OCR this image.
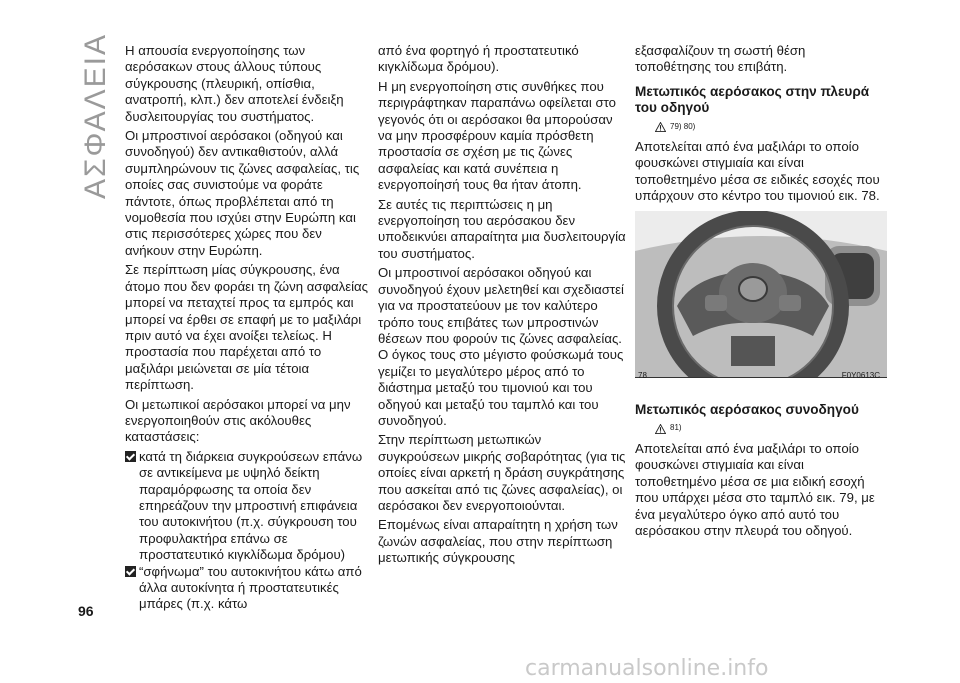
ΑΣΦΑΛΕΙΑ Η απουσία ενεργοποίησης των αερόσακων στους άλλους τύπους σύγκρουσης (πλευρική, οπίσθια, ανατροπή, κλπ.) δεν αποτελεί ένδειξη δυσλειτουργίας του συστήματος.

Οι μπροστινοί αερόσακοι (οδηγού και συνοδηγού) δεν αντικαθιστούν, αλλά συμπληρώνουν τις ζώνες ασφαλείας, τις οποίες σας συνιστούμε να φοράτε πάντοτε, όπως προβλέπεται από τη νομοθεσία που ισχύει στην Ευρώπη και στις περισσότερες χώρες που δεν ανήκουν στην Ευρώπη.

Σε περίπτωση μίας σύγκρουσης, ένα άτομο που δεν φοράει τη ζώνη ασφαλείας μπορεί να πεταχτεί προς τα εμπρός και μπορεί να έρθει σε επαφή με το μαξιλάρι πριν αυτό να έχει ανοίξει τελείως. Η προστασία που παρέχεται από το μαξιλάρι μειώνεται σε μία τέτοια περίπτωση.

Οι μετωπικοί αερόσακοι μπορεί να μην ενεργοποιηθούν στις ακόλουθες καταστάσεις:

κατά τη διάρκεια συγκρούσεων επάνω σε αντικείμενα με υψηλό δείκτη παραμόρφωσης τα οποία δεν επηρεάζουν την μπροστινή επιφάνεια του αυτοκινήτου (π.χ. σύγκρουση του προφυλακτήρα επάνω σε προστατευτικό κιγκλίδωμα δρόμου)
“σφήνωμα” του αυτοκινήτου κάτω από άλλα αυτοκίνητα ή προστατευτικές μπάρες (π.χ. κάτω

από ένα φορτηγό ή προστατευτικό κιγκλίδωμα δρόμου).

Η μη ενεργοποίηση στις συνθήκες που περιγράφτηκαν παραπάνω οφείλεται στο γεγονός ότι οι αερόσακοι θα μπορούσαν να μην προσφέρουν καμία πρόσθετη προστασία σε σχέση με τις ζώνες ασφαλείας και κατά συνέπεια η ενεργοποίησή τους θα ήταν άτοπη.

Σε αυτές τις περιπτώσεις η μη ενεργοποίηση του αερόσακου δεν υποδεικνύει απαραίτητα μια δυσλειτουργία του συστήματος.

Οι μπροστινοί αερόσακοι οδηγού και συνοδηγού έχουν μελετηθεί και σχεδιαστεί για να προστατεύουν με τον καλύτερο τρόπο τους επιβάτες των μπροστινών θέσεων που φορούν τις ζώνες ασφαλείας. Ο όγκος τους στο μέγιστο φούσκωμά τους γεμίζει το μεγαλύτερο μέρος από το διάστημα μεταξύ του τιμονιού και του οδηγού και μεταξύ του ταμπλό και του συνοδηγού.

Στην περίπτωση μετωπικών συγκρούσεων μικρής σοβαρότητας (για τις οποίες είναι αρκετή η δράση συγκράτησης που ασκείται από τις ζώνες ασφαλείας), οι αερόσακοι δεν ενεργοποιούνται.

Επομένως είναι απαραίτητη η χρήση των ζωνών ασφαλείας, που στην περίπτωση μετωπικής σύγκρουσης

εξασφαλίζουν τη σωστή θέση τοποθέτησης του επιβάτη.

Μετωπικός αερόσακος στην πλευρά του οδηγού
79) 80)

Αποτελείται από ένα μαξιλάρι το οποίο φουσκώνει στιγμιαία και είναι τοποθετημένο μέσα σε ειδικές εσοχές που υπάρχουν στο κέντρο του τιμονιού εικ. 78.

78	F0Y0613C
Μετωπικός αερόσακος συνοδηγού
81)

Αποτελείται από ένα μαξιλάρι το οποίο φουσκώνει στιγμιαία και είναι τοποθετημένο μέσα σε μια ειδική εσοχή που υπάρχει μέσα στο ταμπλό εικ. 79, με ένα μεγαλύτερο όγκο από αυτό του αερόσακου στην πλευρά του οδηγού.

96
carmanualsonline.info
